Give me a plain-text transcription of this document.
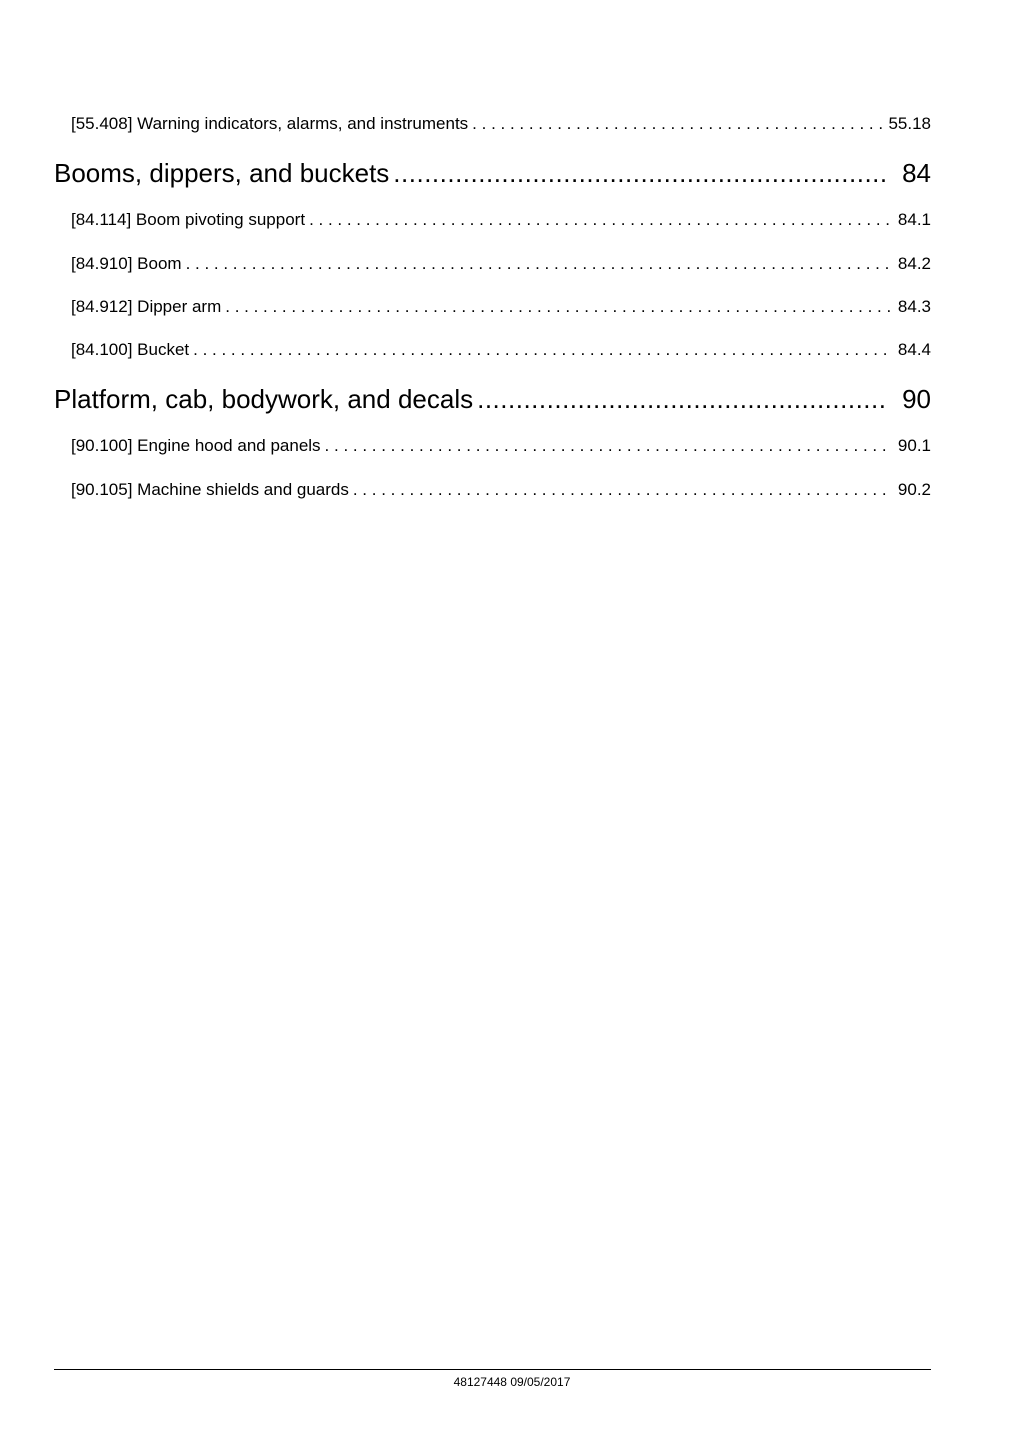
[55.408] Warning indicators, alarms, and instruments . . .	55.18
Booms, dippers, and buckets .....	84
[84.114] Boom pivoting support . . .	84.1
[84.910] Boom . . .	84.2
[84.912] Dipper arm . . .	84.3
[84.100] Bucket . . .	84.4
Platform, cab, bodywork, and decals .....	90
[90.100] Engine hood and panels . . .	90.1
[90.105] Machine shields and guards . . .	90.2
48127448 09/05/2017
